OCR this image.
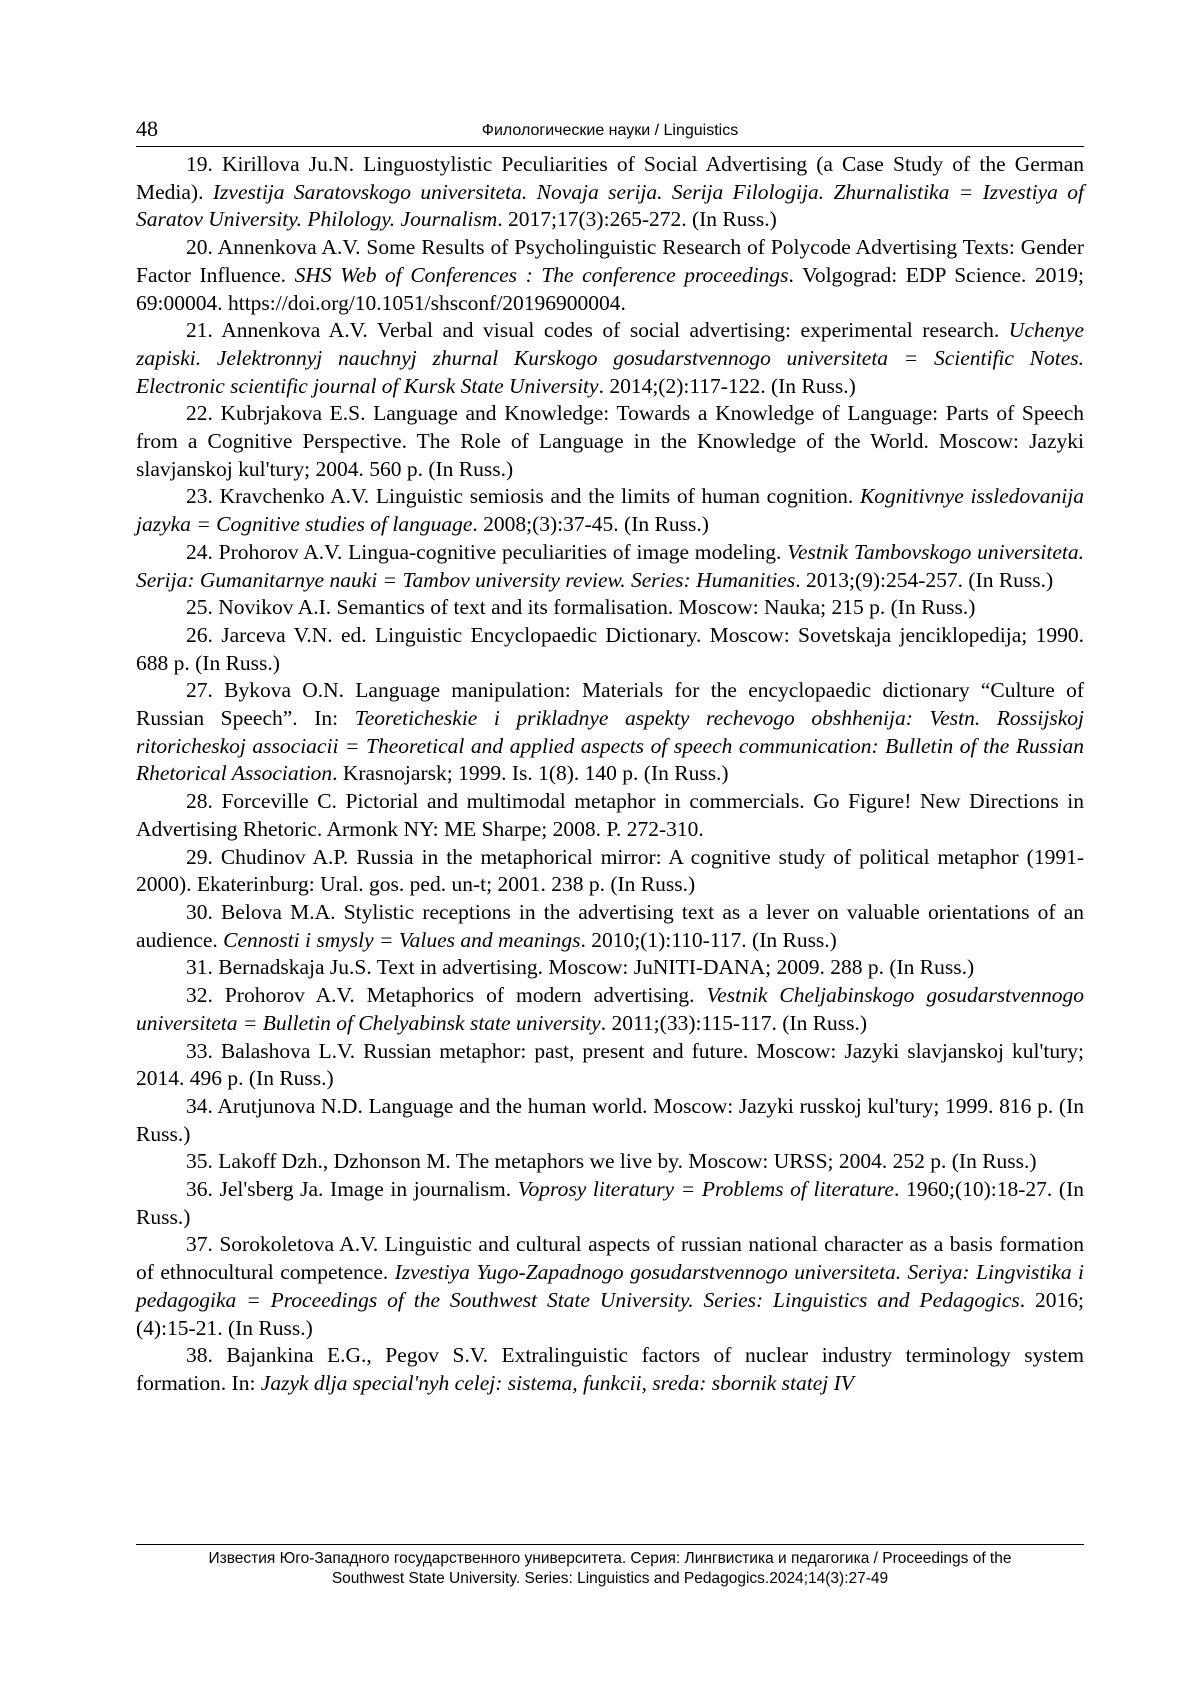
48	Филологические науки / Linguistics

19. Kirillova Ju.N. Linguostylistic Peculiarities of Social Advertising (a Case Study of the German Media). Izvestija Saratovskogo universiteta. Novaja serija. Serija Filologija. Zhurnalistika = Izvestiya of Saratov University. Philology. Journalism. 2017;17(3):265-272. (In Russ.)

20. Annenkova A.V. Some Results of Psycholinguistic Research of Polycode Advertising Texts: Gender Factor Influence. SHS Web of Conferences : The conference proceedings. Volgograd: EDP Science. 2019; 69:00004. https://doi.org/10.1051/shsconf/20196900004.

21. Annenkova A.V. Verbal and visual codes of social advertising: experimental research. Uchenye zapiski. Jelektronnyj nauchnyj zhurnal Kurskogo gosudarstvennogo universiteta = Scientific Notes. Electronic scientific journal of Kursk State University. 2014;(2):117-122. (In Russ.)

22. Kubrjakova E.S. Language and Knowledge: Towards a Knowledge of Language: Parts of Speech from a Cognitive Perspective. The Role of Language in the Knowledge of the World. Moscow: Jazyki slavjanskoj kul'tury; 2004. 560 p. (In Russ.)

23. Kravchenko A.V. Linguistic semiosis and the limits of human cognition. Kognitivnye issledovanija jazyka = Cognitive studies of language. 2008;(3):37-45. (In Russ.)

24. Prohorov A.V. Lingua-cognitive peculiarities of image modeling. Vestnik Tambovskogo universiteta. Serija: Gumanitarnye nauki = Tambov university review. Series: Humanities. 2013;(9):254-257. (In Russ.)

25. Novikov A.I. Semantics of text and its formalisation. Moscow: Nauka; 215 p. (In Russ.)

26. Jarceva V.N. ed. Linguistic Encyclopaedic Dictionary. Moscow: Sovetskaja jenciklopedija; 1990. 688 p. (In Russ.)

27. Bykova O.N. Language manipulation: Materials for the encyclopaedic dictionary “Culture of Russian Speech”. In: Teoreticheskie i prikladnye aspekty rechevogo obshhenija: Vestn. Rossijskoj ritoricheskoj associacii = Theoretical and applied aspects of speech communication: Bulletin of the Russian Rhetorical Association. Krasnojarsk; 1999. Is. 1(8). 140 p. (In Russ.)

28. Forceville C. Pictorial and multimodal metaphor in commercials. Go Figure! New Directions in Advertising Rhetoric. Armonk NY: ME Sharpe; 2008. P. 272-310.

29. Chudinov A.P. Russia in the metaphorical mirror: A cognitive study of political metaphor (1991-2000). Ekaterinburg: Ural. gos. ped. un-t; 2001. 238 p. (In Russ.)

30. Belova M.A. Stylistic receptions in the advertising text as a lever on valuable orientations of an audience. Cennosti i smysly = Values and meanings. 2010;(1):110-117. (In Russ.)

31. Bernadskaja Ju.S. Text in advertising. Moscow: JuNITI-DANA; 2009. 288 p. (In Russ.)

32. Prohorov A.V. Metaphorics of modern advertising. Vestnik Cheljabinskogo gosudarstvennogo universiteta = Bulletin of Chelyabinsk state university. 2011;(33):115-117. (In Russ.)

33. Balashova L.V. Russian metaphor: past, present and future. Moscow: Jazyki slavjanskoj kul'tury; 2014. 496 p. (In Russ.)

34. Arutjunova N.D. Language and the human world. Moscow: Jazyki russkoj kul'tury; 1999. 816 p. (In Russ.)

35. Lakoff Dzh., Dzhonson M. The metaphors we live by. Moscow: URSS; 2004. 252 p. (In Russ.)

36. Jel'sberg Ja. Image in journalism. Voprosy literatury = Problems of literature. 1960;(10):18-27. (In Russ.)

37. Sorokoletova A.V. Linguistic and cultural aspects of russian national character as a basis formation of ethnocultural competence. Izvestiya Yugo-Zapadnogo gosudarstvennogo universiteta. Seriya: Lingvistika i pedagogika = Proceedings of the Southwest State University. Series: Linguistics and Pedagogics. 2016;(4):15-21. (In Russ.)

38. Bajankina E.G., Pegov S.V. Extralinguistic factors of nuclear industry terminology system formation. In: Jazyk dlja special'nyh celej: sistema, funkcii, sreda: sbornik statej IV

Известия Юго-Западного государственного университета. Серия: Лингвистика и педагогика / Proceedings of the
Southwest State University. Series: Linguistics and Pedagogics.2024;14(3):27-49
